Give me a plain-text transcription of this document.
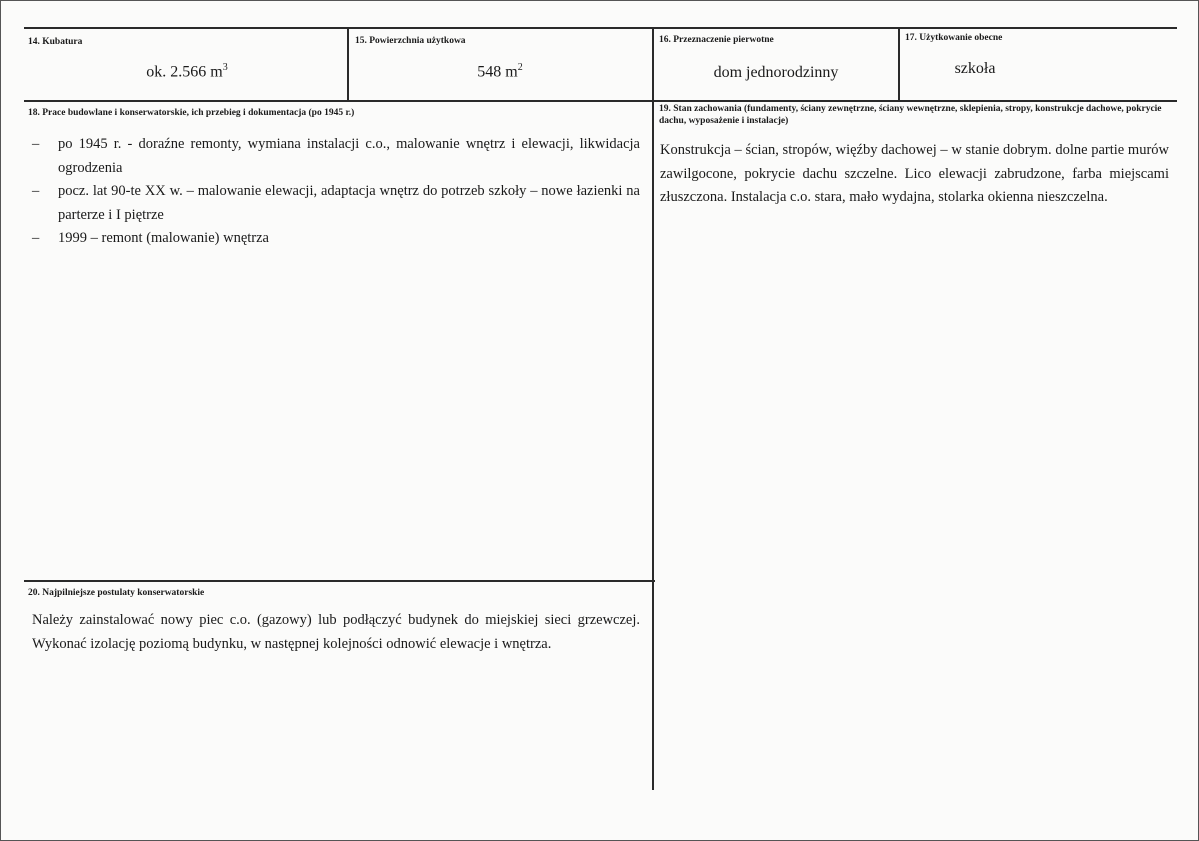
14. Kubatura
ok. 2.566 $m^3$
15. Powierzchnia użytkowa
548 $m^2$
16. Przeznaczenie pierwotne
dom jednorodzinny
17. Użytkowanie obecne
szkoła
18. Prace budowlane i konserwatorskie, ich przebieg i dokumentacja (po 1945 r.)
– po 1945 r. - doraźne remonty, wymiana instalacji c.o., malowanie wnętrz i elewacji, likwidacja ogrodzenia
– pocz. lat 90-te XX w. – malowanie elewacji, adaptacja wnętrz do potrzeb szkoły – nowe łazienki na parterze i I piętrze
– 1999 – remont (malowanie) wnętrza
19. Stan zachowania (fundamenty, ściany zewnętrzne, ściany wewnętrzne, sklepienia, stropy, konstrukcje dachowe, pokrycie dachu, wyposażenie i instalacje)
Konstrukcja – ścian, stropów, więźby dachowej – w stanie dobrym. dolne partie murów zawilgocone, pokrycie dachu szczelne. Lico elewacji zabrudzone, farba miejscami złuszczona. Instalacja c.o. stara, mało wydajna, stolarka okienna nieszczelna.
20. Najpilniejsze postulaty konserwatorskie
Należy zainstalować nowy piec c.o. (gazowy) lub podłączyć budynek do miejskiej sieci grzewczej. Wykonać izolację poziomą budynku, w następnej kolejności odnowić elewacje i wnętrza.
